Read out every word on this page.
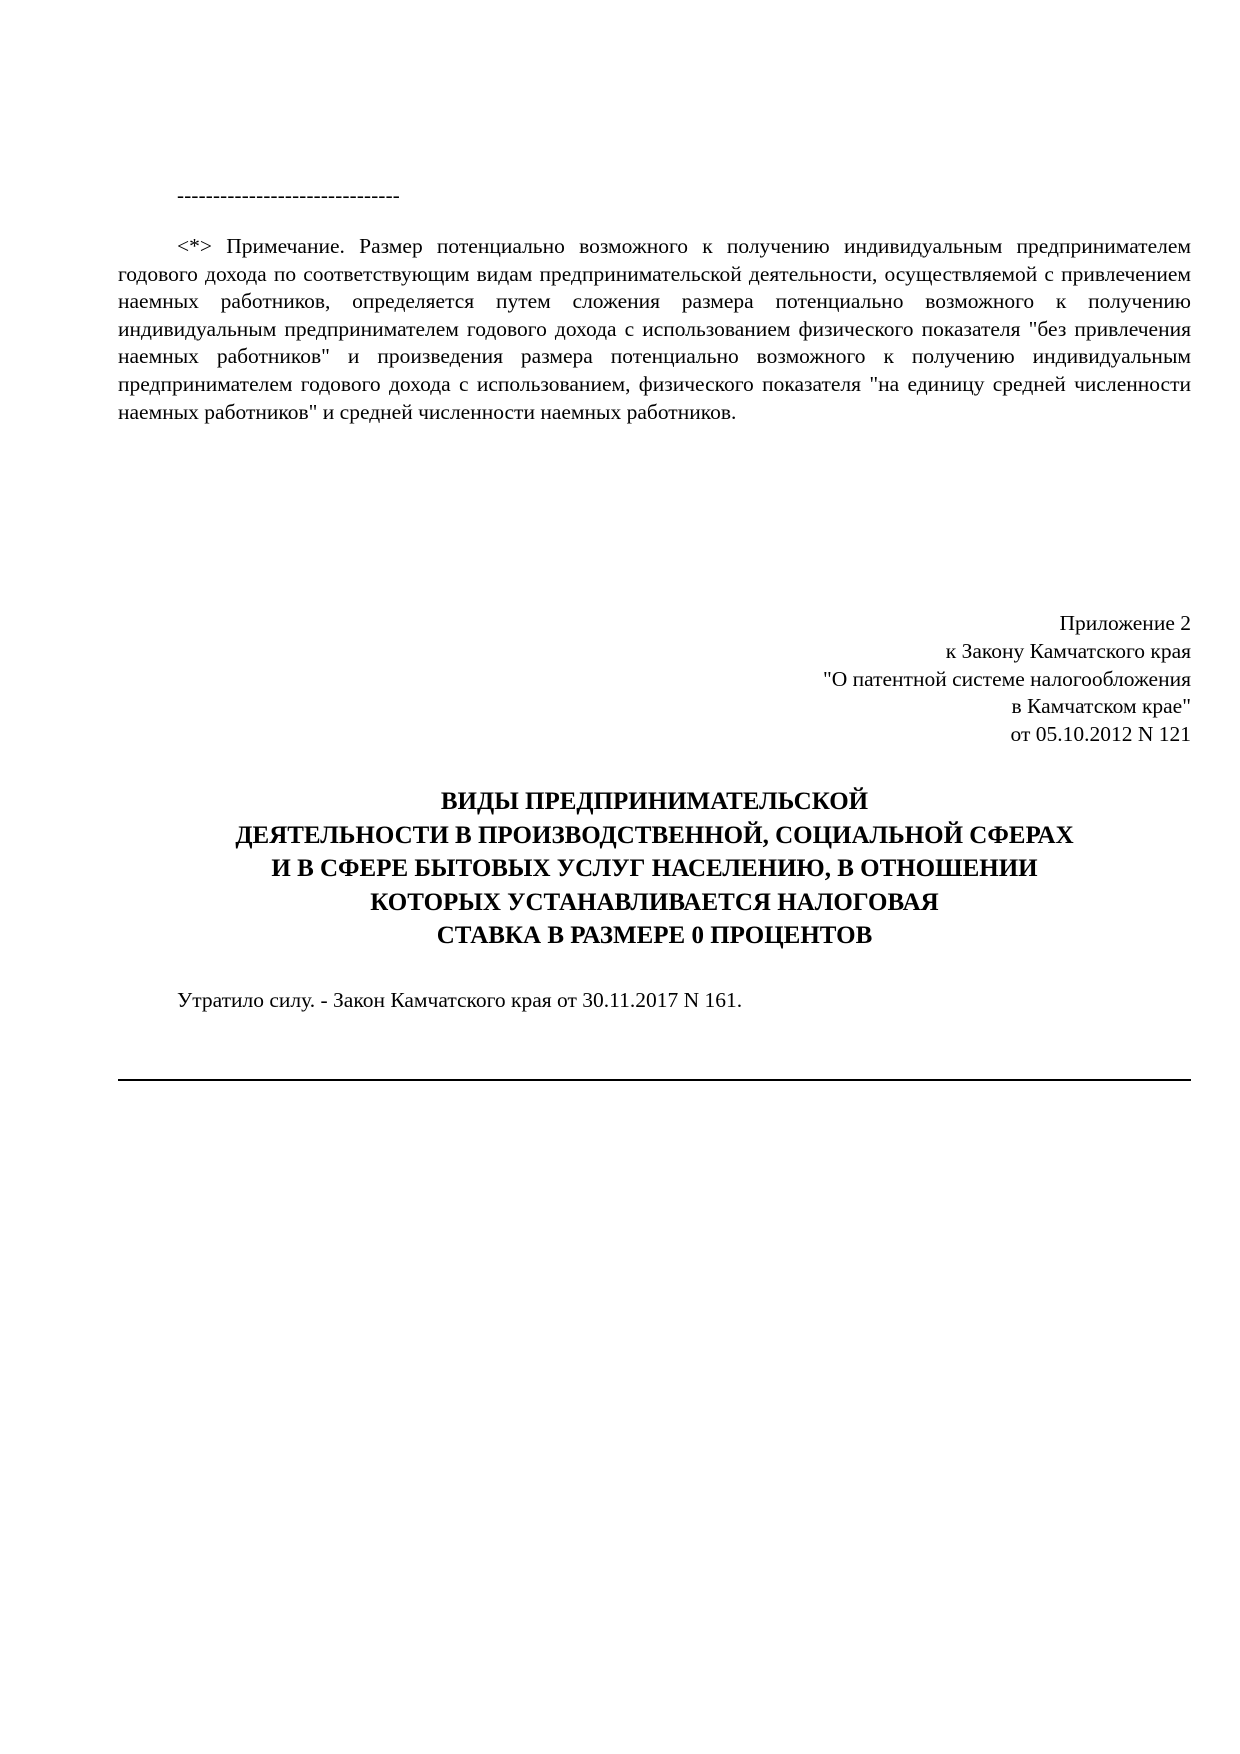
-------------------------------

<*> Примечание. Размер потенциально возможного к получению индивидуальным предпринимателем годового дохода по соответствующим видам предпринимательской деятельности, осуществляемой с привлечением наемных работников, определяется путем сложения размера потенциально возможного к получению индивидуальным предпринимателем годового дохода с использованием физического показателя "без привлечения наемных работников" и произведения размера потенциально возможного к получению индивидуальным предпринимателем годового дохода с использованием, физического показателя "на единицу средней численности наемных работников" и средней численности наемных работников.

Приложение 2
к Закону Камчатского края
"О патентной системе налогообложения
в Камчатском крае"
от 05.10.2012 N 121
ВИДЫ ПРЕДПРИНИМАТЕЛЬСКОЙ
ДЕЯТЕЛЬНОСТИ В ПРОИЗВОДСТВЕННОЙ, СОЦИАЛЬНОЙ СФЕРАХ
И В СФЕРЕ БЫТОВЫХ УСЛУГ НАСЕЛЕНИЮ, В ОТНОШЕНИИ
КОТОРЫХ УСТАНАВЛИВАЕТСЯ НАЛОГОВАЯ
СТАВКА В РАЗМЕРЕ 0 ПРОЦЕНТОВ
Утратило силу. - Закон Камчатского края от 30.11.2017 N 161.
